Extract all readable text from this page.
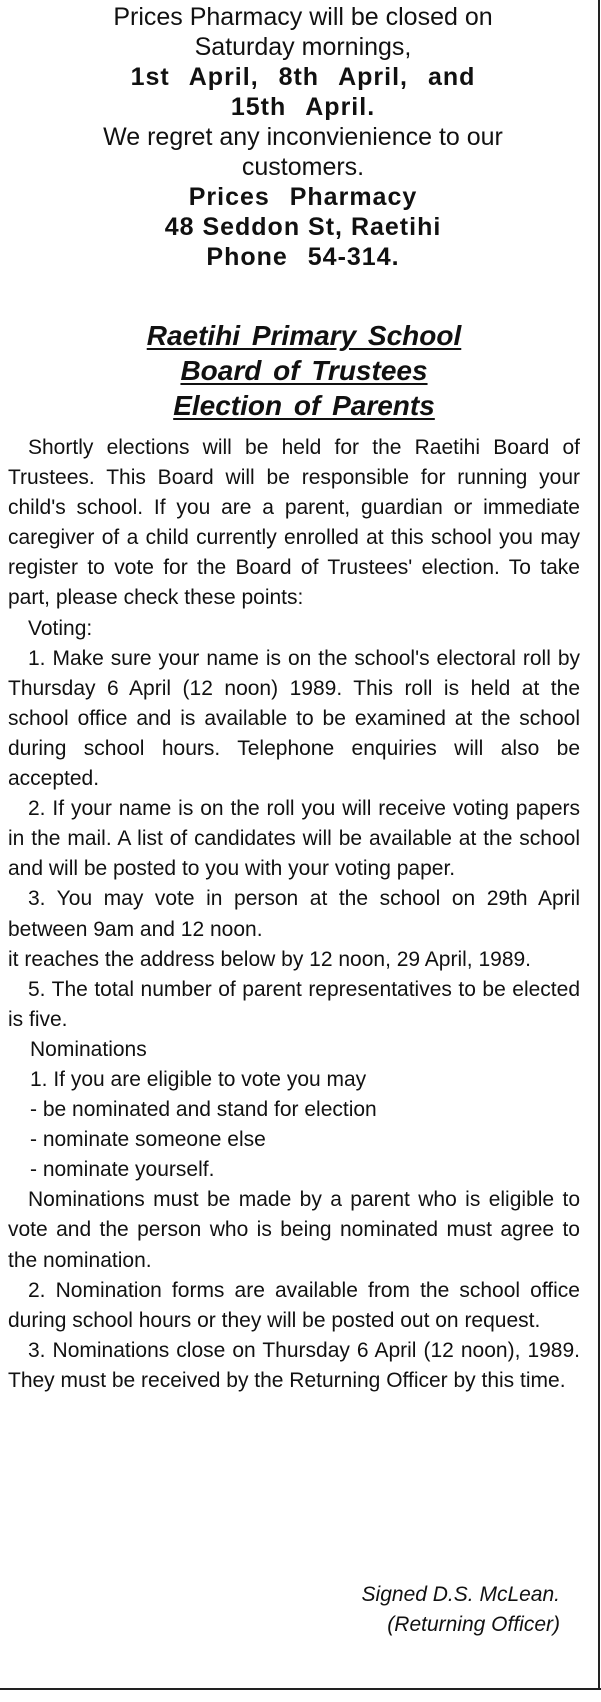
Prices Pharmacy will be closed on
Saturday mornings,
1st April, 8th April, and
15th April.
We regret any inconvienience to our
customers.
Prices Pharmacy
48 Seddon St, Raetihi
Phone 54-314.
Raetihi Primary School
Board of Trustees
Election of Parents

Shortly elections will be held for the Raetihi Board of Trustees. This Board will be responsible for running your child's school. If you are a parent, guardian or immediate caregiver of a child currently enrolled at this school you may register to vote for the Board of Trustees' election. To take part, please check these points:

Voting:

1. Make sure your name is on the school's electoral roll by Thursday 6 April (12 noon) 1989. This roll is held at the school office and is available to be examined at the school during school hours. Telephone enquiries will also be accepted.

2. If your name is on the roll you will receive voting papers in the mail. A list of candidates will be available at the school and will be posted to you with your voting paper.

3. You may vote in person at the school on 29th April between 9am and 12 noon.

it reaches the address below by 12 noon, 29 April, 1989.

5. The total number of parent representatives to be elected is five.

Nominations

1. If you are eligible to vote you may

- be nominated and stand for election

- nominate someone else

- nominate yourself.

Nominations must be made by a parent who is eligible to vote and the person who is being nominated must agree to the nomination.

2. Nomination forms are available from the school office during school hours or they will be posted out on request.

3. Nominations close on Thursday 6 April (12 noon), 1989. They must be received by the Returning Officer by this time.

Signed D.S. McLean.
(Returning Officer)
